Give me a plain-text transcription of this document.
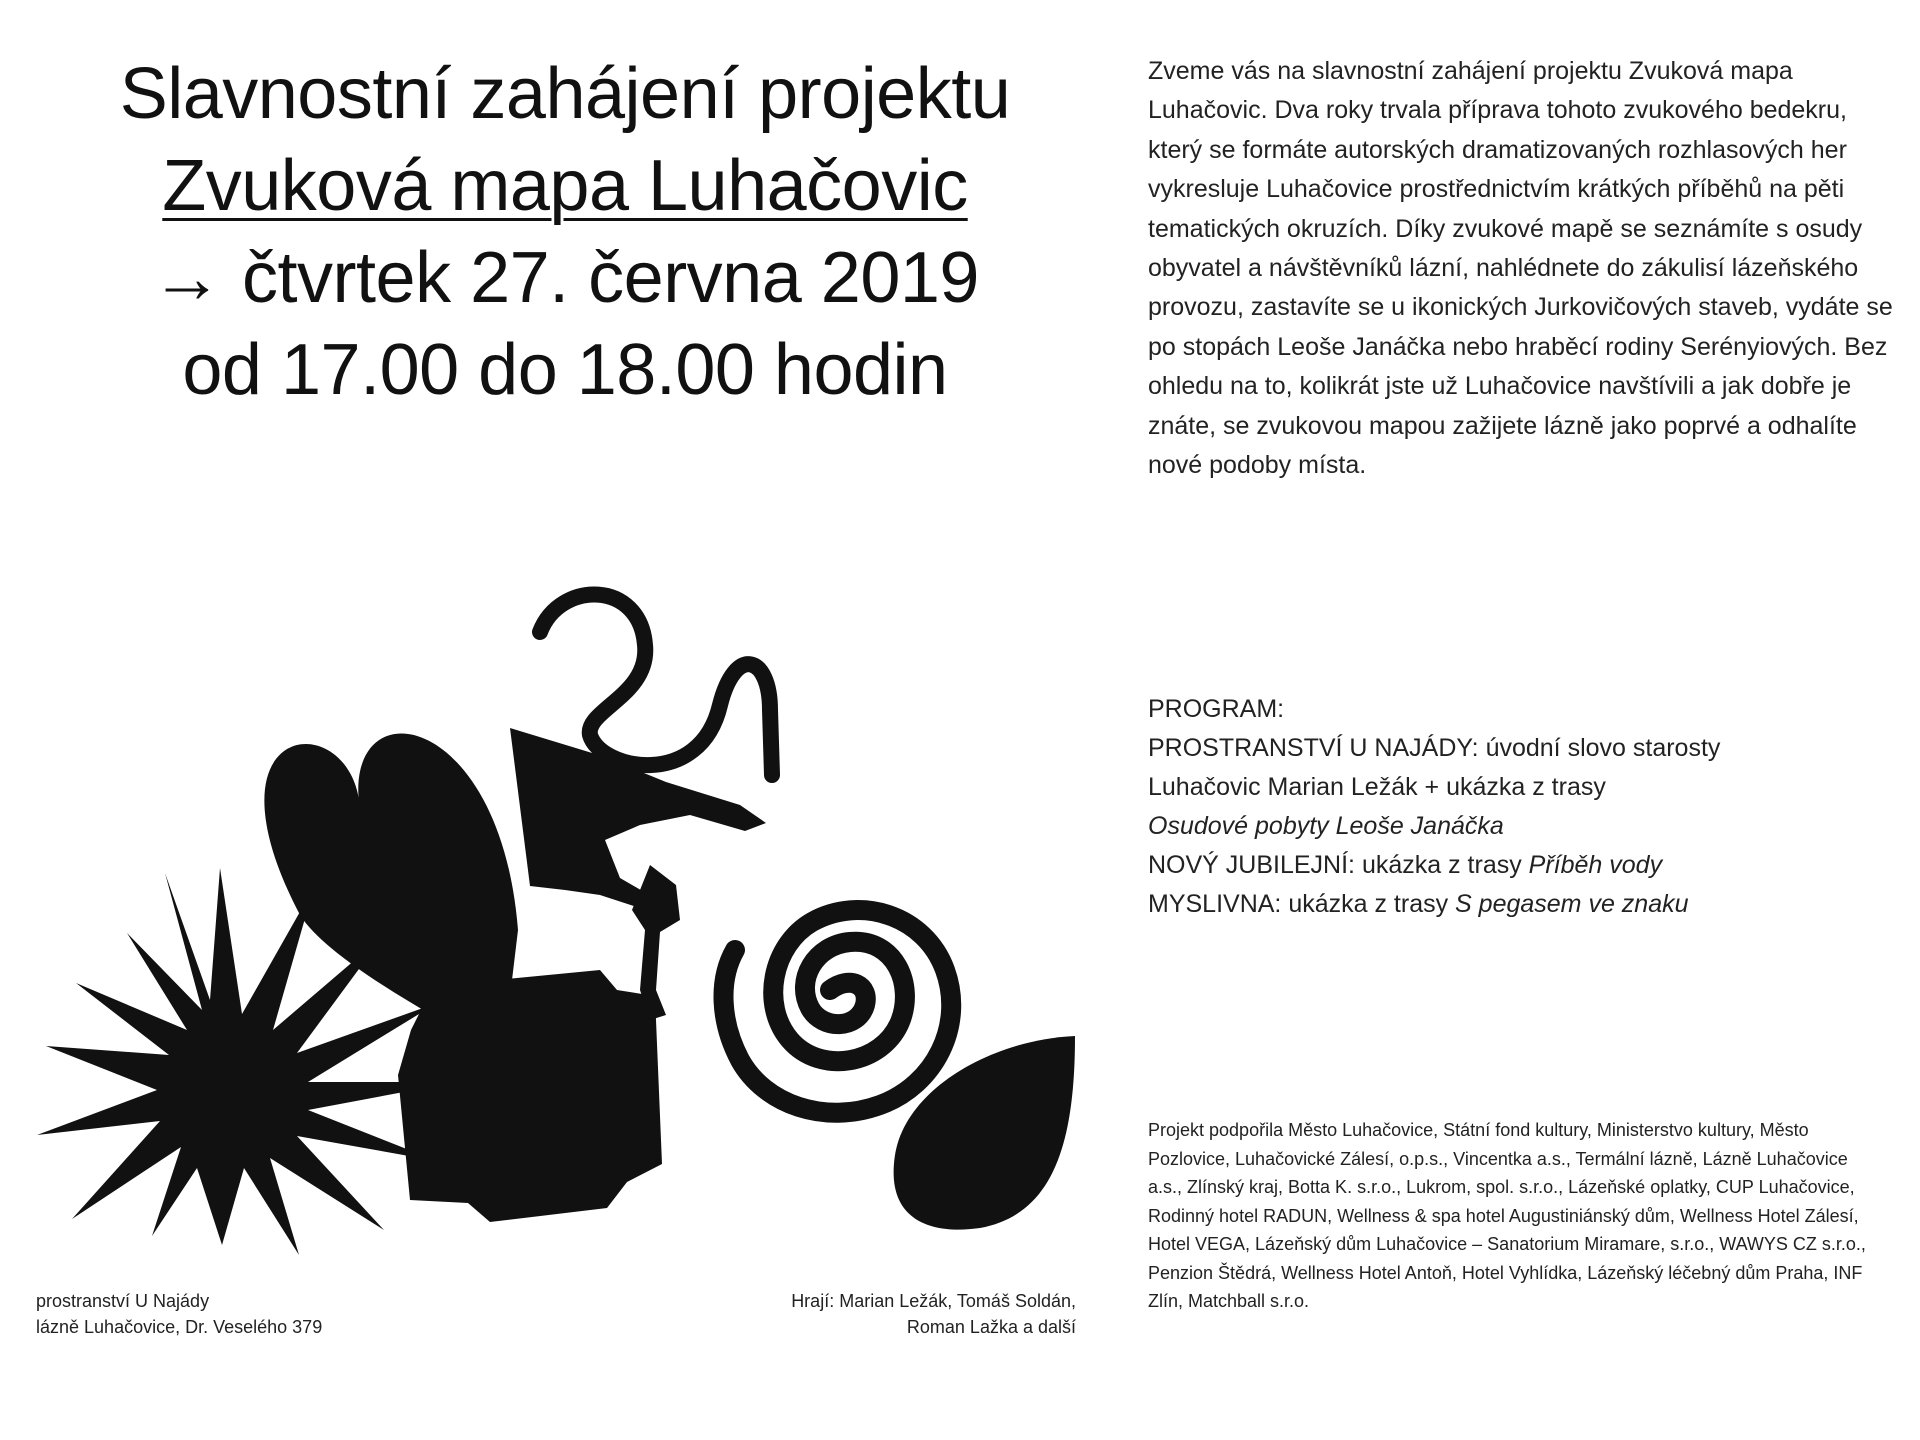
Slavnostní zahájení projektu
Zvuková mapa Luhačovic
→ čtvrtek 27. června 2019
od 17.00 do 18.00 hodin
Zveme vás na slavnostní zahájení projektu Zvuková mapa Luhačovic. Dva roky trvala příprava tohoto zvukového bedekru, který se formáte autorských dramatizovaných rozhlasových her vykresluje Luhačovice prostřednictvím krátkých příběhů na pěti tematických okruzích. Díky zvukové mapě se seznámíte s osudy obyvatel a návštěvníků lázní, nahlédnete do zákulisí lázeňského provozu, zastavíte se u ikonických Jurkovičových staveb, vydáte se po stopách Leoše Janáčka nebo hraběcí rodiny Serényiových. Bez ohledu na to, kolikrát jste už Luhačovice navštívili a jak dobře je znáte, se zvukovou mapou zažijete lázně jako poprvé a odhalíte nové podoby místa.
PROGRAM:
PROSTRANSTVÍ U NAJÁDY: úvodní slovo starosty
Luhačovic Marian Ležák + ukázka z trasy
Osudové pobyty Leoše Janáčka
NOVÝ JUBILEJNÍ: ukázka z trasy Příběh vody
MYSLIVNA: ukázka z trasy S pegasem ve znaku
Projekt podpořila Město Luhačovice, Státní fond kultury, Ministerstvo kultury, Město Pozlovice, Luhačovické Zálesí, o.p.s., Vincentka a.s., Termální lázně, Lázně Luhačovice a.s., Zlínský kraj, Botta K. s.r.o., Lukrom, spol. s.r.o., Lázeňské oplatky, CUP Luhačovice, Rodinný hotel RADUN, Wellness & spa hotel Augustiniánský dům, Wellness Hotel Zálesí, Hotel VEGA, Lázeňský dům Luhačovice – Sanatorium Miramare, s.r.o., WAWYS CZ s.r.o., Penzion Štědrá, Wellness Hotel Antoň, Hotel Vyhlídka, Lázeňský léčebný dům Praha, INF Zlín, Matchball s.r.o.
prostranství U Najády
lázně Luhačovice, Dr. Veselého 379
Hrají: Marian Ležák, Tomáš Soldán,
Roman Lažka a další
